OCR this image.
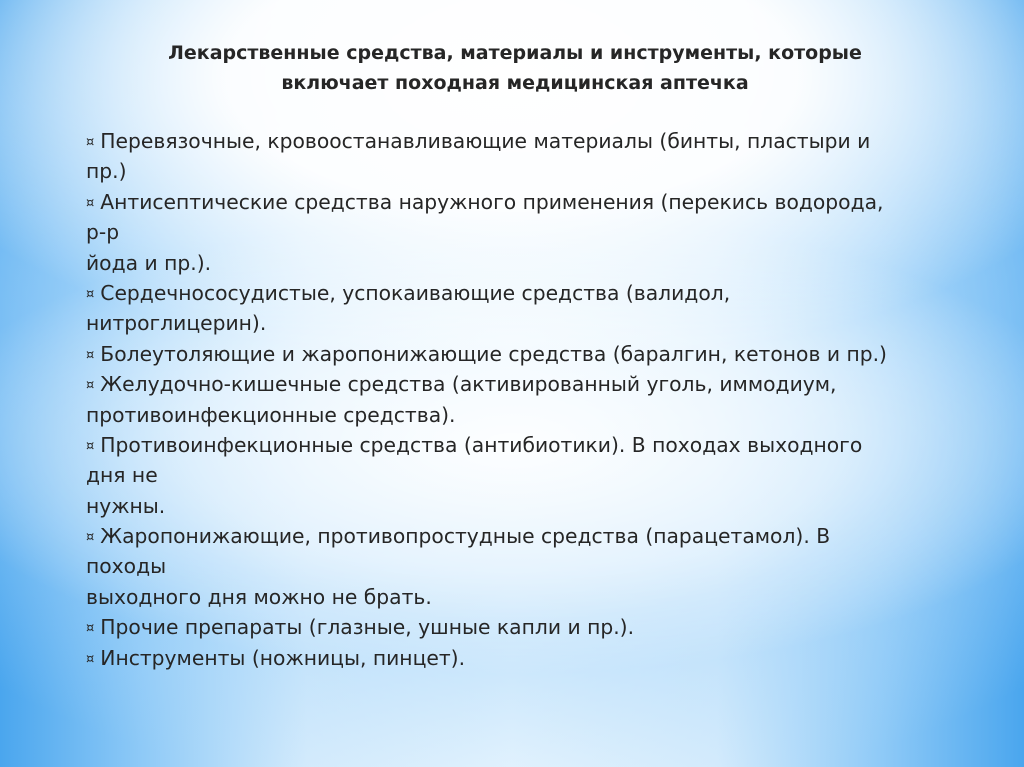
Лекарственные средства, материалы и инструменты, которые
включает походная медицинская аптечка
¤ Перевязочные, кровоостанавливающие материалы (бинты, пластыри и
пр.)
¤ Антисептические средства наружного применения (перекись водорода,
р-р
йода и пр.).
¤ Сердечнососудистые, успокаивающие средства (валидол,
нитроглицерин).
¤ Болеутоляющие и жаропонижающие средства (баралгин, кетонов и пр.)
¤ Желудочно-кишечные средства (активированный уголь, иммодиум,
противоинфекционные средства).
¤ Противоинфекционные средства (антибиотики). В походах выходного
дня не
нужны.
¤ Жаропонижающие, противопростудные средства (парацетамол). В
походы
выходного дня можно не брать.
¤ Прочие препараты (глазные, ушные капли и пр.).
¤ Инструменты (ножницы, пинцет).
